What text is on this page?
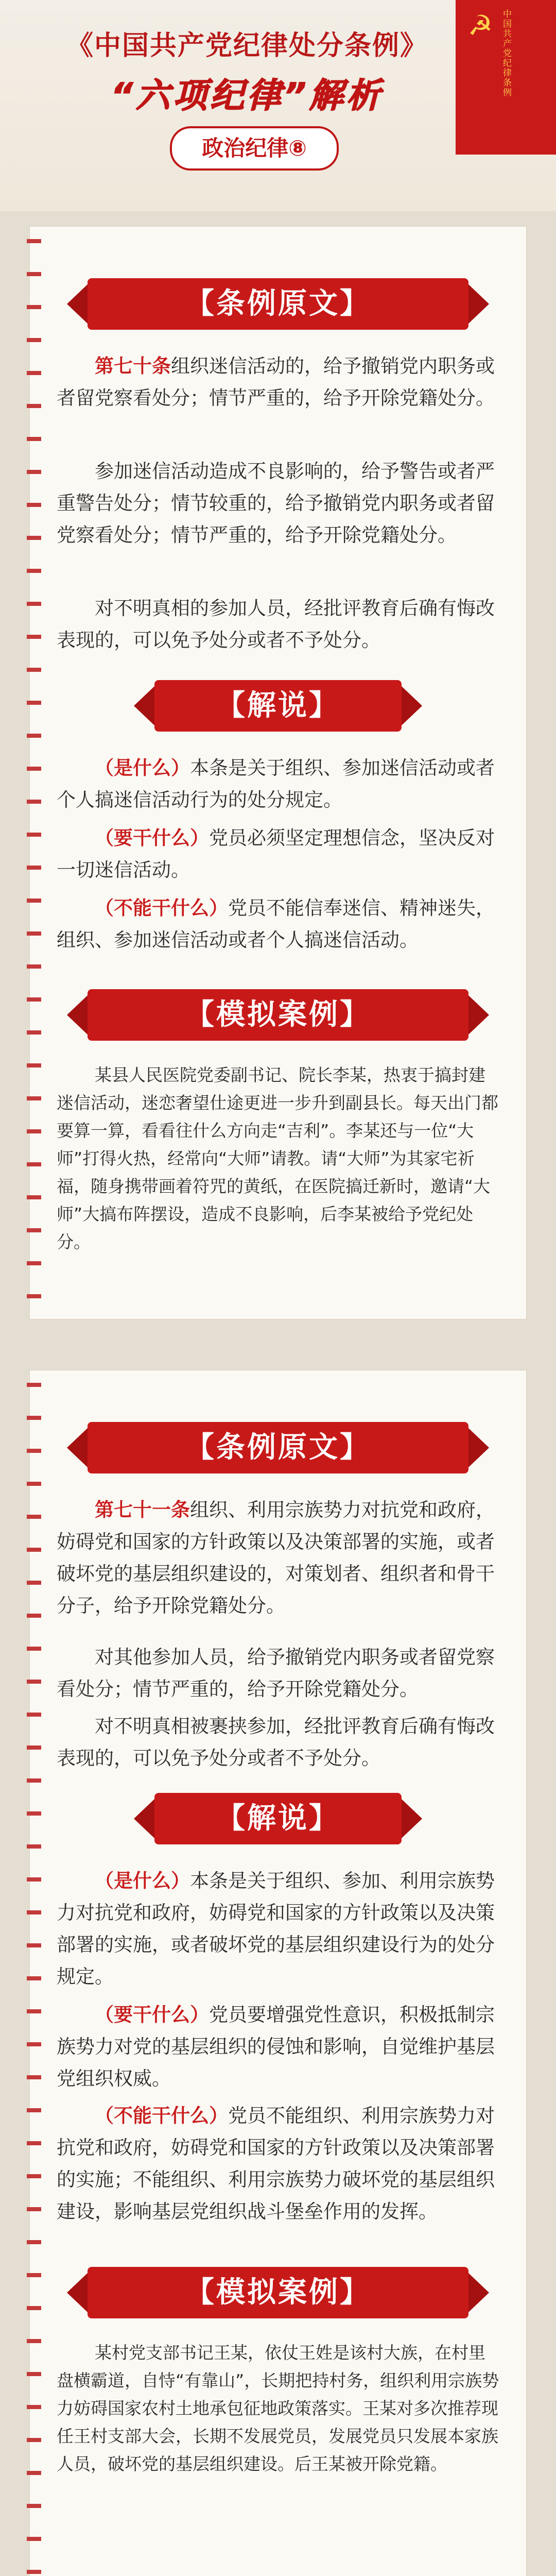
☭ 中国共产党纪律条例
《中国共产党纪律处分条例》
“六项纪律”解析
政治纪律⑧
【条例原文】
第七十条组织迷信活动的，给予撤销党内职务或者留党察看处分；情节严重的，给予开除党籍处分。
参加迷信活动造成不良影响的，给予警告或者严重警告处分；情节较重的，给予撤销党内职务或者留党察看处分；情节严重的，给予开除党籍处分。
对不明真相的参加人员，经批评教育后确有悔改表现的，可以免予处分或者不予处分。
【解说】
（是什么）本条是关于组织、参加迷信活动或者个人搞迷信活动行为的处分规定。
（要干什么）党员必须坚定理想信念，坚决反对一切迷信活动。
（不能干什么）党员不能信奉迷信、精神迷失，组织、参加迷信活动或者个人搞迷信活动。
【模拟案例】
某县人民医院党委副书记、院长李某，热衷于搞封建迷信活动，迷恋奢望仕途更进一步升到副县长。每天出门都要算一算，看看往什么方向走“吉利”。李某还与一位“大师”打得火热，经常向“大师”请教。请“大师”为其家宅祈福，随身携带画着符咒的黄纸，在医院搞迁新时，邀请“大师”大搞布阵摆设，造成不良影响，后李某被给予党纪处分。
【条例原文】
第七十一条组织、利用宗族势力对抗党和政府，妨碍党和国家的方针政策以及决策部署的实施，或者破坏党的基层组织建设的，对策划者、组织者和骨干分子，给予开除党籍处分。
对其他参加人员，给予撤销党内职务或者留党察看处分；情节严重的，给予开除党籍处分。
对不明真相被裹挟参加，经批评教育后确有悔改表现的，可以免予处分或者不予处分。
【解说】
（是什么）本条是关于组织、参加、利用宗族势力对抗党和政府，妨碍党和国家的方针政策以及决策部署的实施，或者破坏党的基层组织建设行为的处分规定。
（要干什么）党员要增强党性意识，积极抵制宗族势力对党的基层组织的侵蚀和影响，自觉维护基层党组织权威。
（不能干什么）党员不能组织、利用宗族势力对抗党和政府，妨碍党和国家的方针政策以及决策部署的实施；不能组织、利用宗族势力破坏党的基层组织建设，影响基层党组织战斗堡垒作用的发挥。
【模拟案例】
某村党支部书记王某，依仗王姓是该村大族，在村里盘横霸道，自恃“有靠山”，长期把持村务，组织利用宗族势力妨碍国家农村土地承包征地政策落实。王某对多次推荐现任王村支部大会，长期不发展党员，发展党员只发展本家族人员，破坏党的基层组织建设。后王某被开除党籍。
